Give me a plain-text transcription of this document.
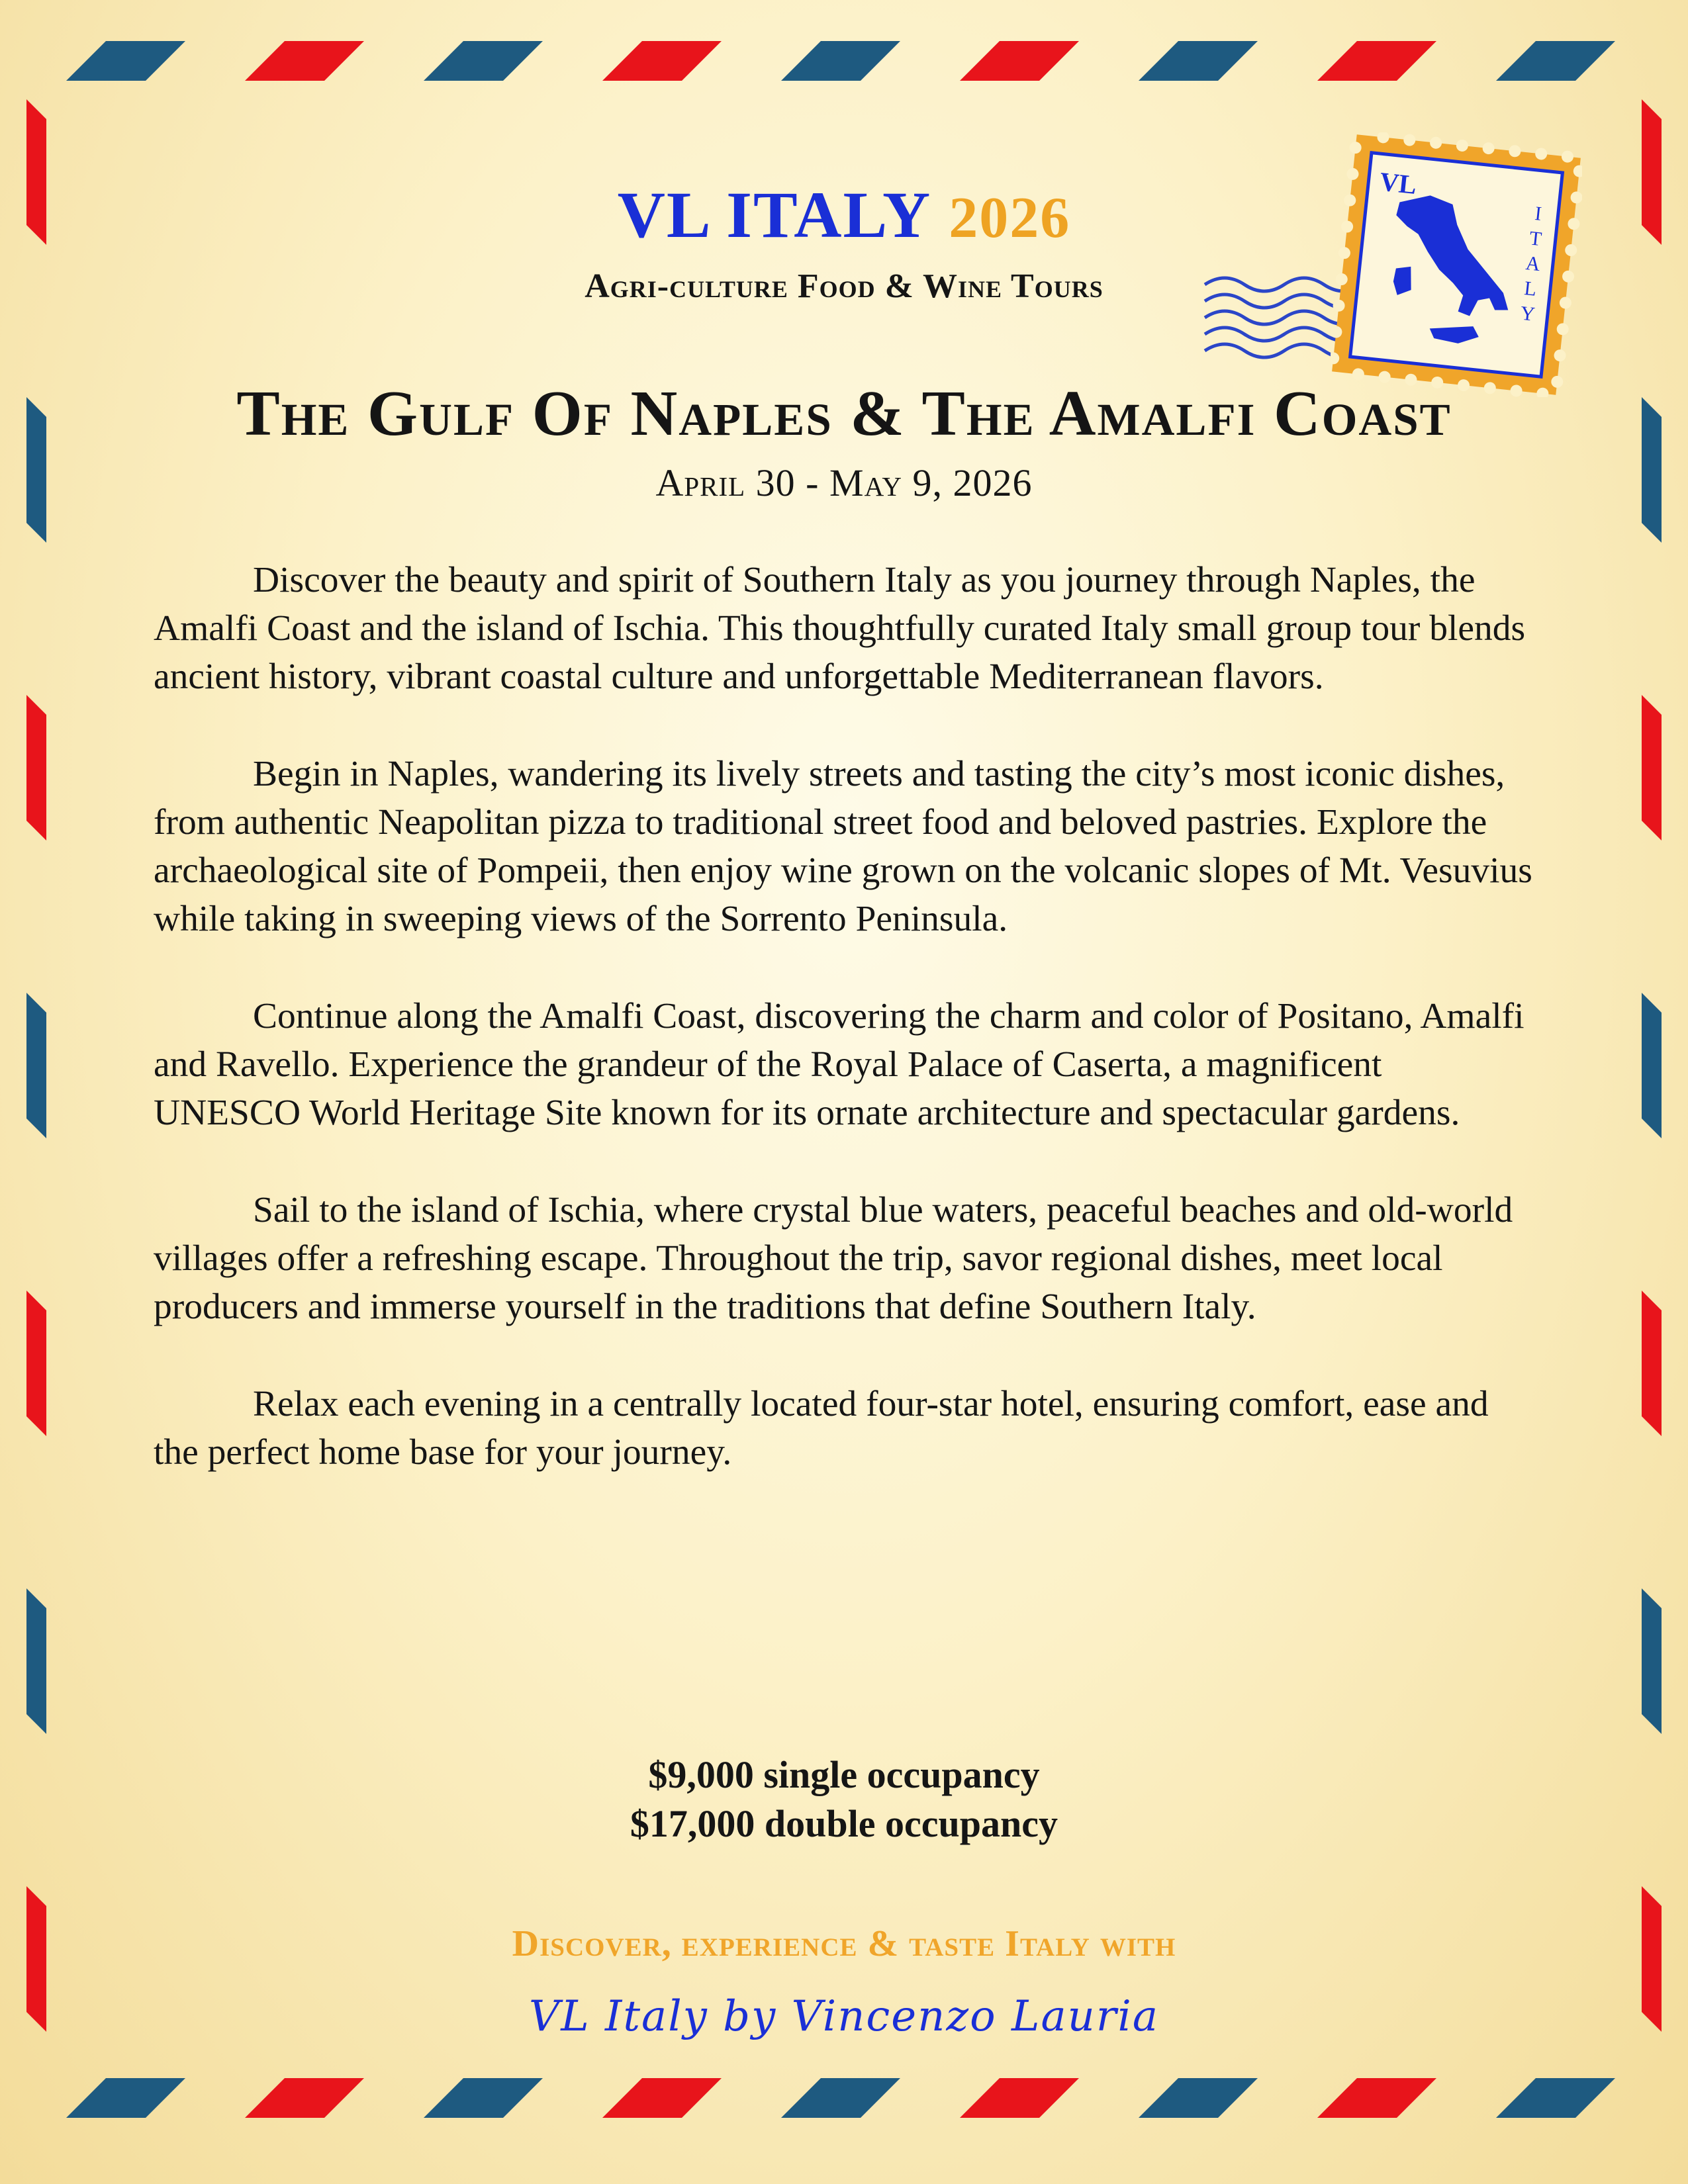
VL ITALY 2026
Agri-culture Food & Wine Tours
VL
I
T
A
L
Y
The Gulf Of Naples & The Amalfi Coast
April 30 - May 9, 2026

Discover the beauty and spirit of Southern Italy as you journey through Naples, the Amalfi Coast and the island of Ischia. This thoughtfully curated Italy small group tour blends ancient history, vibrant coastal culture and unforgettable Mediterranean flavors.

Begin in Naples, wandering its lively streets and tasting the city’s most iconic dishes, from authentic Neapolitan pizza to traditional street food and beloved pastries. Explore the archaeological site of Pompeii, then enjoy wine grown on the volcanic slopes of Mt. Vesuvius while taking in sweeping views of the Sorrento Peninsula.

Continue along the Amalfi Coast, discovering the charm and color of Positano, Amalfi and Ravello. Experience the grandeur of the Royal Palace of Caserta, a magnificent UNESCO World Heritage Site known for its ornate architecture and spectacular gardens.

Sail to the island of Ischia, where crystal blue waters, peaceful beaches and old-world villages offer a refreshing escape. Throughout the trip, savor regional dishes, meet local producers and immerse yourself in the traditions that define Southern Italy.

Relax each evening in a centrally located four-star hotel, ensuring comfort, ease and the perfect home base for your journey.

$9,000 single occupancy
$17,000 double occupancy
Discover, experience & taste Italy with
VL Italy by Vincenzo Lauria
